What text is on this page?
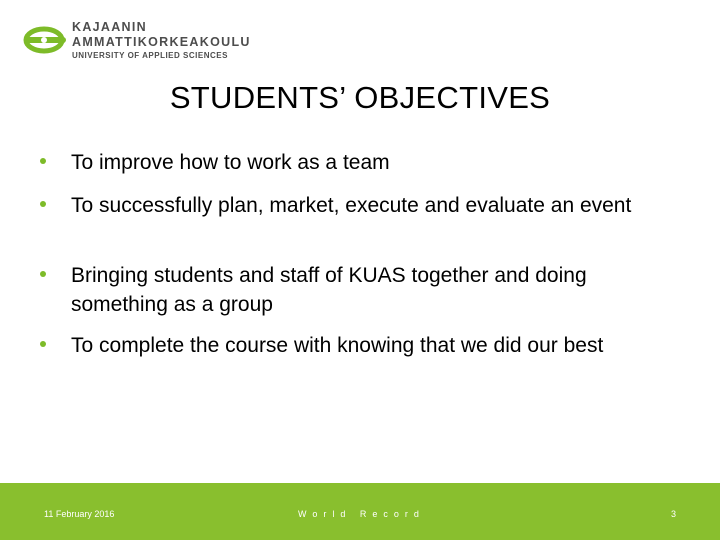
KAJAANIN
AMMATTIKORKEAKOULU
UNIVERSITY OF APPLIED SCIENCES
STUDENTS’ OBJECTIVES
To improve how to work as a team
To successfully plan, market, execute and evaluate an event
Bringing students and staff of KUAS together and doing something as a group
To complete the course with knowing that we did our best
11 February 2016	World Record	3
